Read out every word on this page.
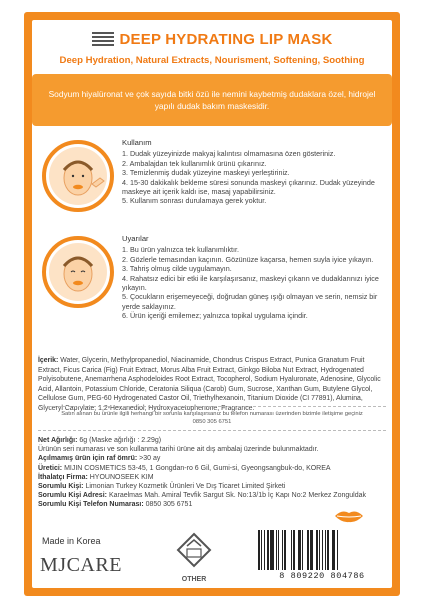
DEEP HYDRATING LIP MASK
Deep Hydration, Natural Extracts, Nourisment, Softening, Soothing

Sodyum hiyalüronat ve çok sayıda bitki özü ile nemini kaybetmiş dudaklara özel, hidrojel yapılı dudak bakım maskesidir.

Kullanım
1. Dudak yüzeyinizde makyaj kalıntısı olmamasına özen gösteriniz.
2. Ambalajdan tek kullanımlık ürünü çıkarınız.
3. Temizlenmiş dudak yüzeyine maskeyi yerleştiriniz.
4. 15-30 dakikalık bekleme süresi sonunda maskeyi çıkarınız. Dudak yüzeyinde maskeye ait içerik kaldı ise, masaj yapabilirsiniz.
5. Kullanım sonrası durulamaya gerek yoktur.
Uyarılar
1. Bu ürün yalnızca tek kullanımlıktır.
2. Gözlerle temasından kaçının. Gözünüze kaçarsa, hemen suyla iyice yıkayın.
3. Tahriş olmuş cilde uygulamayın.
4. Rahatsız edici bir etki ile karşılaşırsanız, maskeyi çıkarın ve dudaklarınızı iyice yıkayın.
5. Çocukların erişemeyeceği, doğrudan güneş ışığı olmayan ve serin, nemsiz bir yerde saklayınız.
6. Ürün içeriği emilemez; yalnızca topikal uygulama içindir.
İçerik: Water, Glycerin, Methylpropanediol, Niacinamide, Chondrus Crispus Extract, Punica Granatum Fruit Extract, Ficus Carica (Fig) Fruit Extract, Morus Alba Fruit Extract, Ginkgo Biloba Nut Extract, Hydrogenated Polyisobutene, Anemarrhena Asphodeloides Root Extract, Tocopherol, Sodium Hyaluronate, Adenosine, Glycolic Acid, Allantoin, Potassium Chloride, Ceratonia Siliqua (Carob) Gum, Sucrose, Xanthan Gum, Butylene Glycol, Cellulose Gum, PEG-60 Hydrogenated Castor Oil, Triethylhexanoin, Titanium Dioxide (CI 77891), Alumina, Glyceryl Caprylate, 1,2-Hexanediol, Hydroxyacetophenone, Fragrance.
Satın alınan bu ürünle ilgili herhangi bir sorunla karşılaşırsanız bu telefon numarası üzerinden bizimle iletişime geçiniz
0850 305 6751
Net Ağırlığı: 6g (Maske ağırlığı : 2.29g)
Ürünün seri numarası ve son kullanma tarihi ürüne ait dış ambalaj üzerinde bulunmaktadır.
Açılmamış ürün için raf ömrü: >30 ay
Üretici: MIJIN COSMETICS 53-45, 1 Gongdan-ro 6 Gil, Gumi-si, Gyeongsangbuk-do, KOREA
İthalatçı Firma: HYOUNOSEEK KIM
Sorumlu Kişi: Limonian Turkey Kozmetik Ürünleri Ve Dış Ticaret Limited Şirketi
Sorumlu Kişi Adresi: Karaelmas Mah. Amiral Tevfik Sargut Sk. No:13/1b İç Kapı No:2 Merkez Zonguldak
Sorumlu Kişi Telefon Numarası: 0850 305 6751
Made in Korea
MJCARE
OTHER	8 809220 804786
